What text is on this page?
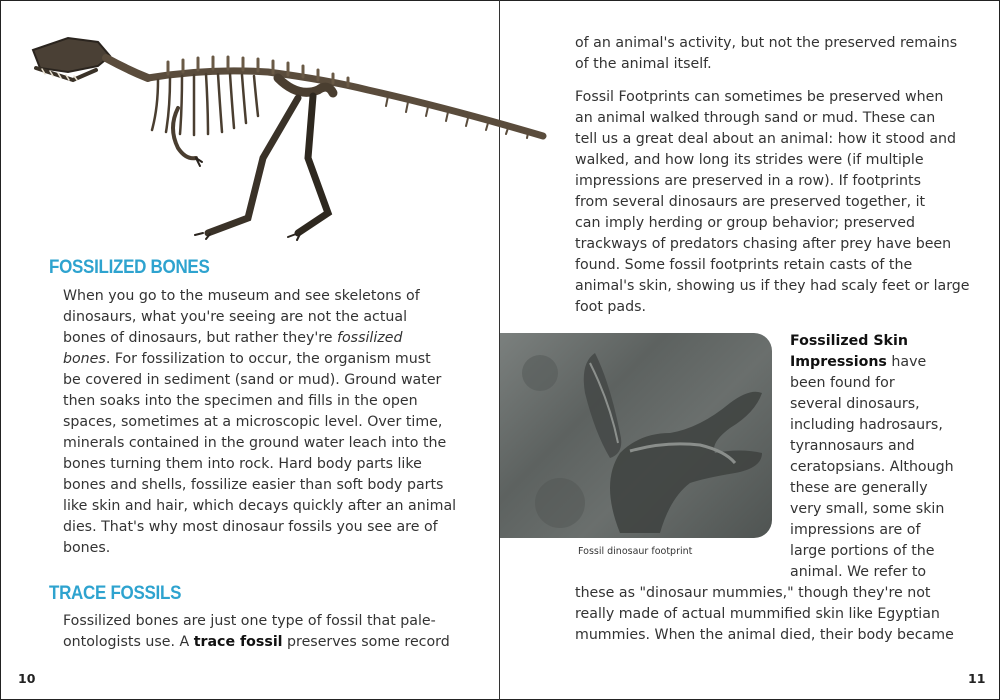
FOSSILIZED BONES

When you go to the museum and see skeletons of

dinosaurs, what you're seeing are not the actual

bones of dinosaurs, but rather they're fossilized

bones. For fossilization to occur, the organism must

be covered in sediment (sand or mud). Ground water

then soaks into the specimen and fills in the open

spaces, sometimes at a microscopic level. Over time,

minerals contained in the ground water leach into the

bones turning them into rock. Hard body parts like

bones and shells, fossilize easier than soft body parts

like skin and hair, which decays quickly after an animal

dies. That's why most dinosaur fossils you see are of

bones.

TRACE FOSSILS

Fossilized bones are just one type of fossil that pale-

ontologists use. A trace fossil preserves some record

10

of an animal's activity, but not the preserved remains

of the animal itself.

Fossil Footprints can sometimes be preserved when

an animal walked through sand or mud. These can

tell us a great deal about an animal: how it stood and

walked, and how long its strides were (if multiple

impressions are preserved in a row). If footprints

from several dinosaurs are preserved together, it

can imply herding or group behavior; preserved

trackways of predators chasing after prey have been

found. Some fossil footprints retain casts of the

animal's skin, showing us if they had scaly feet or large

foot pads.

Fossil dinosaur footprint

Fossilized Skin

Impressions have

been found for

several dinosaurs,

including hadrosaurs,

tyrannosaurs and

ceratopsians. Although

these are generally

very small, some skin

impressions are of

large portions of the

animal. We refer to

these as "dinosaur mummies," though they're not

really made of actual mummified skin like Egyptian

mummies. When the animal died, their body became

11
